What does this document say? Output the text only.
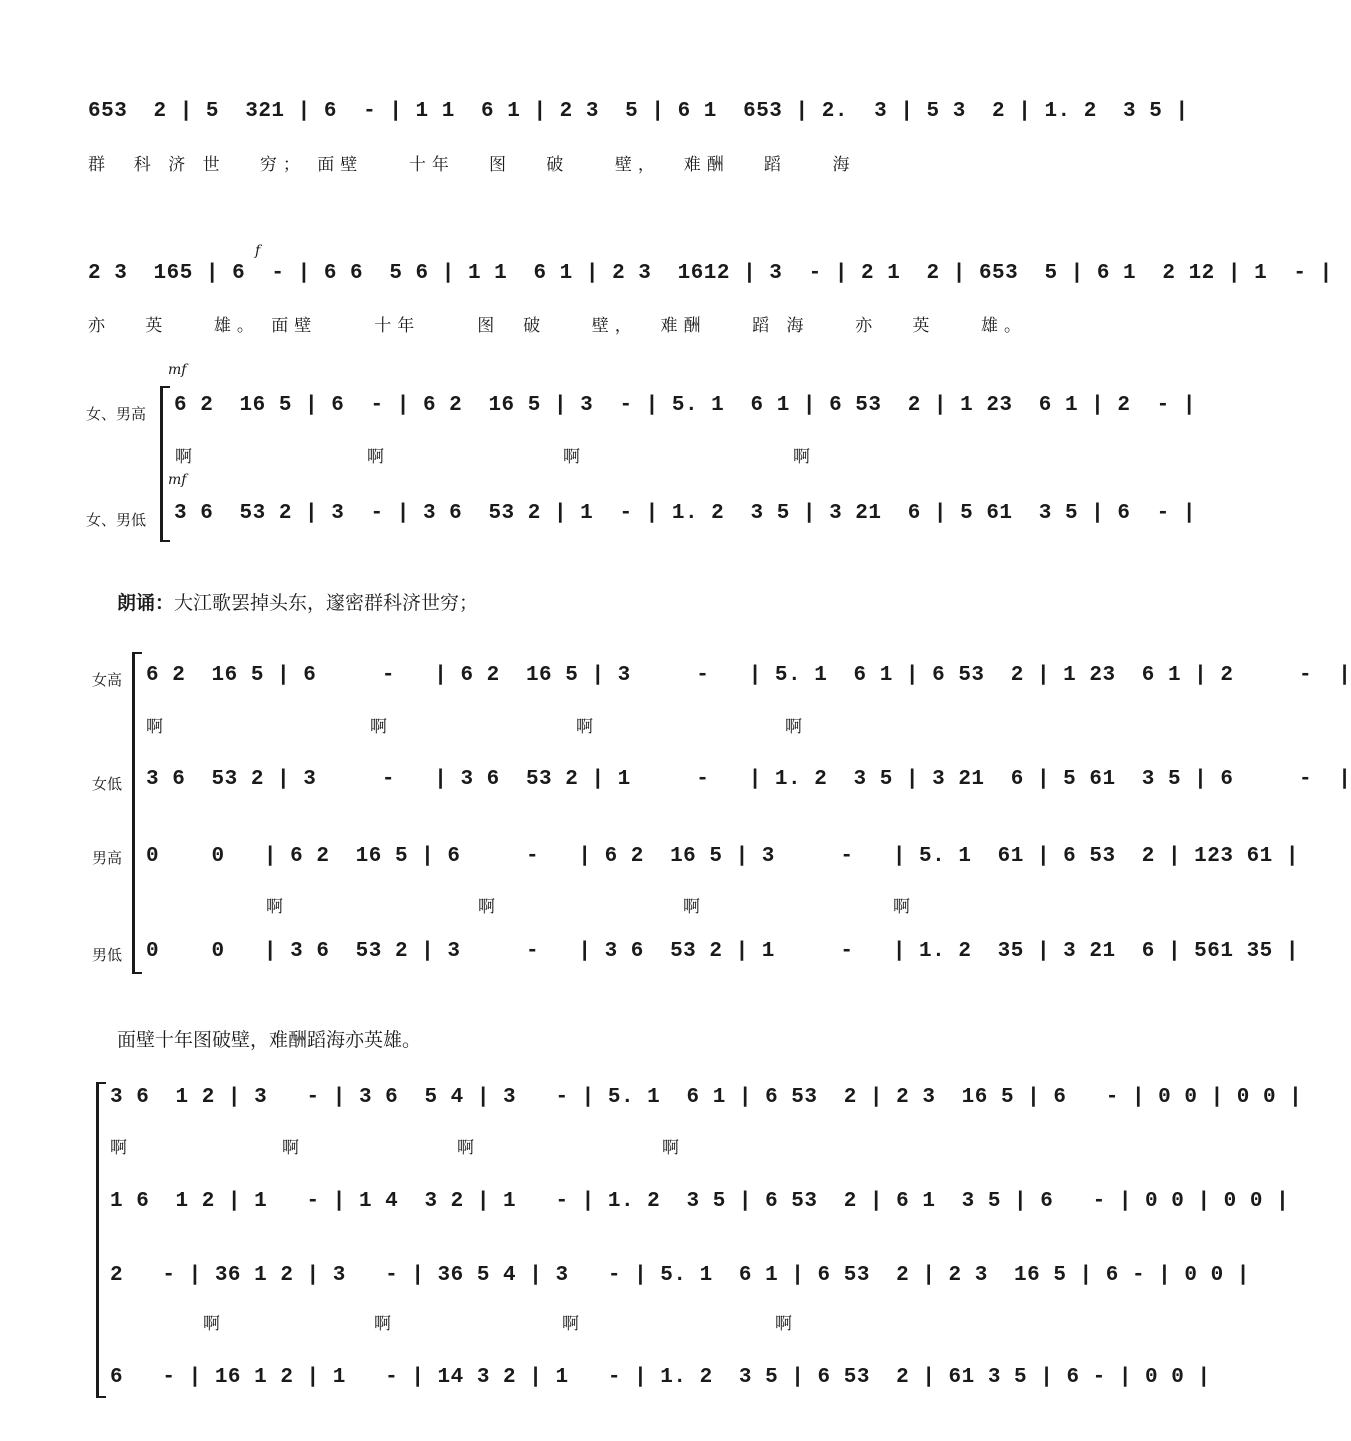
653  2 | 5  321 | 6  - | 1 1  6 1 | 2 3  5 | 6 1  653 | 2.  3 | 5 3  2 | 1. 2  3 5 |
群  科 济 世   穷； 面壁    十年   图   破    壁，  难酬   蹈    海
f
2 3  165 | 6  - | 6 6  5 6 | 1 1  6 1 | 2 3  1612 | 3  - | 2 1  2 | 653  5 | 6 1  2 12 | 1  - |
亦   英    雄。 面壁     十年     图  破    壁，  难酬    蹈 海    亦   英    雄。
mf
女、男高 6 2  16 5 | 6  - | 6 2  16 5 | 3  - | 5. 1  6 1 | 6 53  2 | 1 23  6 1 | 2  - |
啊	啊	啊	啊
mf
女、男低 3 6  53 2 | 3  - | 3 6  53 2 | 1  - | 1. 2  3 5 | 3 21  6 | 5 61  3 5 | 6  - |
朗诵：大江歌罢掉头东，邃密群科济世穷；
女高 6 2  16 5 | 6     -   | 6 2  16 5 | 3     -   | 5. 1  6 1 | 6 53  2 | 1 23  6 1 | 2     -  |
啊	啊	啊	啊
女低 3 6  53 2 | 3     -   | 3 6  53 2 | 1     -   | 1. 2  3 5 | 3 21  6 | 5 61  3 5 | 6     -  |
男高 0    0   | 6 2  16 5 | 6     -   | 6 2  16 5 | 3     -   | 5. 1  61 | 6 53  2 | 123 61 |
啊	啊	啊	啊
男低 0    0   | 3 6  53 2 | 3     -   | 3 6  53 2 | 1     -   | 1. 2  35 | 3 21  6 | 561 35 |
面壁十年图破壁，难酬蹈海亦英雄。
3 6  1 2 | 3   - | 3 6  5 4 | 3   - | 5. 1  6 1 | 6 53  2 | 2 3  16 5 | 6   - | 0 0 | 0 0 |
啊	啊	啊	啊
1 6  1 2 | 1   - | 1 4  3 2 | 1   - | 1. 2  3 5 | 6 53  2 | 6 1  3 5 | 6   - | 0 0 | 0 0 |
2   - | 36 1 2 | 3   - | 36 5 4 | 3   - | 5. 1  6 1 | 6 53  2 | 2 3  16 5 | 6 - | 0 0 |
啊	啊	啊	啊
6   - | 16 1 2 | 1   - | 14 3 2 | 1   - | 1. 2  3 5 | 6 53  2 | 61 3 5 | 6 - | 0 0 |
